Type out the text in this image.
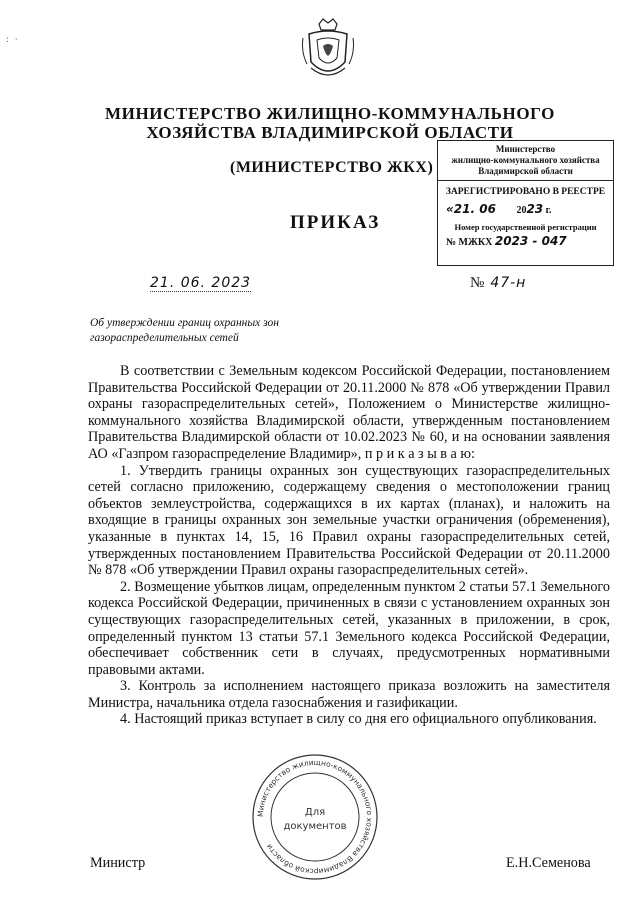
: ·
МИНИСТЕРСТВО ЖИЛИЩНО-КОММУНАЛЬНОГО
ХОЗЯЙСТВА ВЛАДИМИРСКОЙ ОБЛАСТИ
(МИНИСТЕРСТВО ЖКХ)
Министерство
жилищно-коммунального хозяйства
Владимирской области
ЗАРЕГИСТРИРОВАНО В РЕЕСТРЕ
«21. 06 2023 г.
Номер государственной регистрации
№ МЖКХ 2023 - 047
ПРИКАЗ
21. 06. 2023	№ 47-н
Об утверждении границ охранных зон
газораспределительных сетей

В соответствии с Земельным кодексом Российской Федерации, постановлением Правительства Российской Федерации от 20.11.2000 № 878 «Об утверждении Правил охраны газораспределительных сетей», Положением о Министерстве жилищно-коммунального хозяйства Владимирской области, утвержденным постановлением Правительства Владимирской области от 10.02.2023 № 60, и на основании заявления АО «Газпром газораспределение Владимир», п р и к а з ы в а ю:

1. Утвердить границы охранных зон существующих газораспределительных сетей согласно приложению, содержащему сведения о местоположении границ объектов землеустройства, содержащихся в их картах (планах), и наложить на входящие в границы охранных зон земельные участки ограничения (обременения), указанные в пунктах 14, 15, 16 Правил охраны газораспределительных сетей, утвержденных постановлением Правительства Российской Федерации от 20.11.2000 № 878 «Об утверждении Правил охраны газораспределительных сетей».

2. Возмещение убытков лицам, определенным пунктом 2 статьи 57.1 Земельного кодекса Российской Федерации, причиненных в связи с установлением охранных зон существующих газораспределительных сетей, указанных в приложении, в срок, определенный пунктом 13 статьи 57.1 Земельного кодекса Российской Федерации, обеспечивает собственник сети в случаях, предусмотренных нормативными правовыми актами.

3. Контроль за исполнением настоящего приказа возложить на заместителя Министра, начальника отдела газоснабжения и газификации.

4. Настоящий приказ вступает в силу со дня его официального опубликования.

Министерство жилищно-коммунального хозяйства Владимирской области
Для
документов
Министр	Е.Н.Семенова
